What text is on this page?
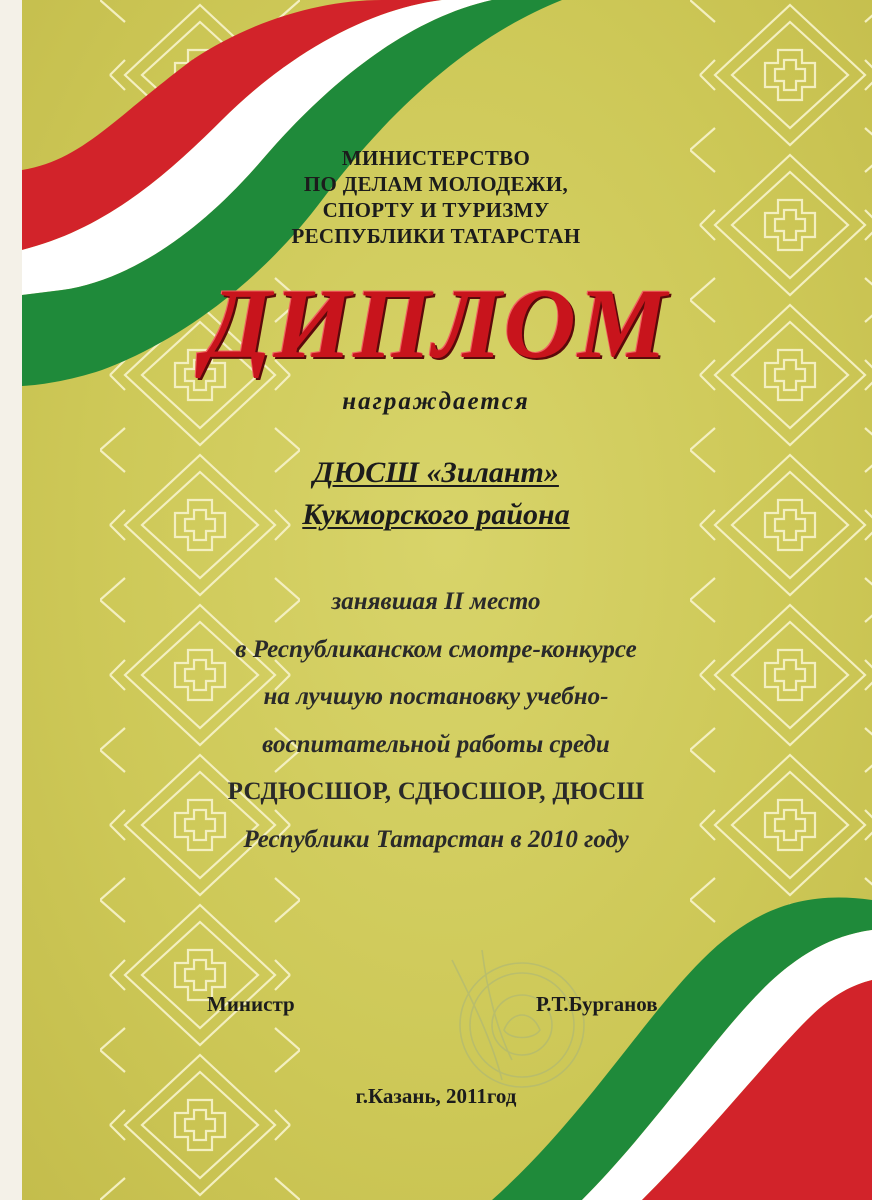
МИНИСТЕРСТВО
ПО ДЕЛАМ МОЛОДЕЖИ,
СПОРТУ И ТУРИЗМУ
РЕСПУБЛИКИ ТАТАРСТАН
ДИПЛОМ
награждается
ДЮСШ «Зилант»
Кукморского района
занявшая II место
в Республиканском смотре-конкурсе
на лучшую постановку учебно-
воспитательной работы среди
РСДЮСШОР, СДЮСШОР, ДЮСШ
Республики Татарстан в 2010 году
Министр	Р.Т.Бурганов
г.Казань, 2011год
